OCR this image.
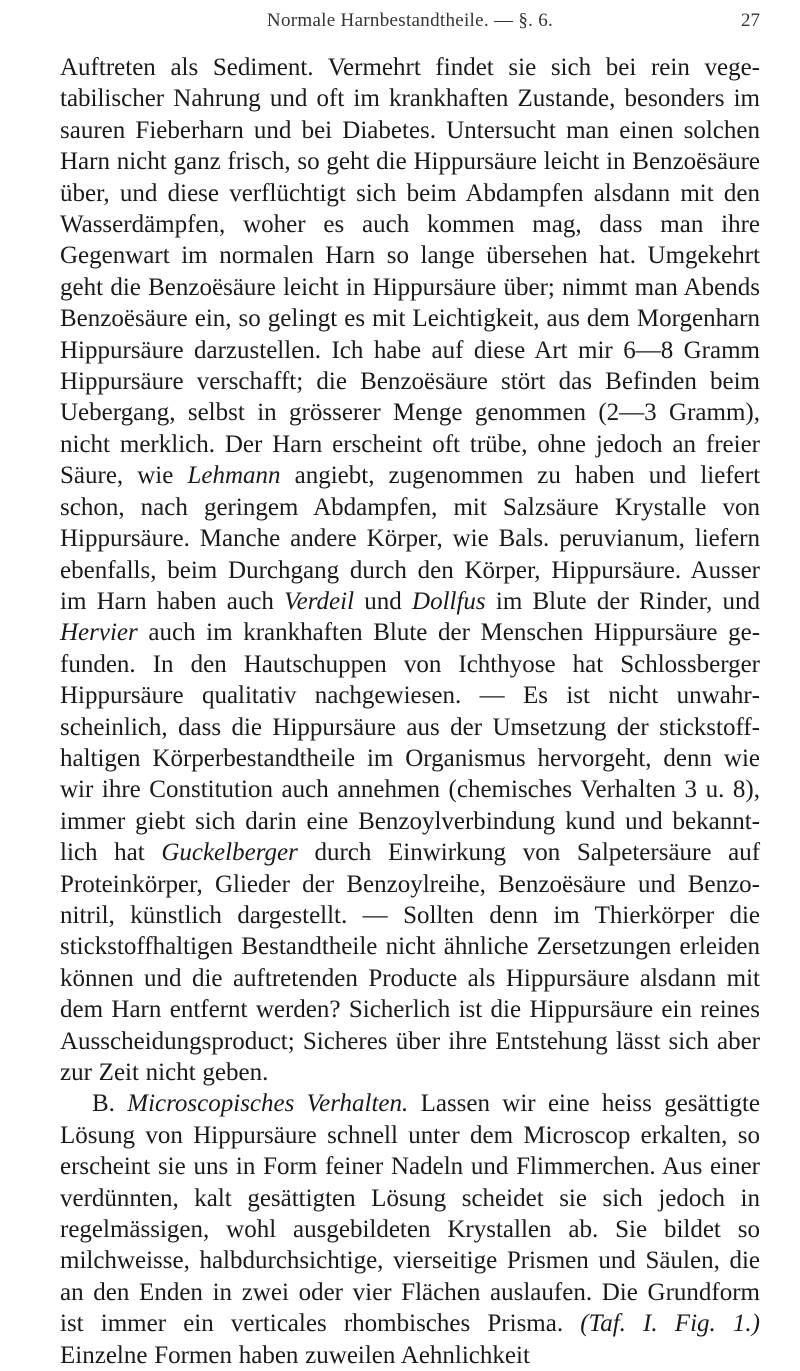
Normale Harnbestandtheile. — §. 6.	27

Auftreten als Sediment. Vermehrt findet sie sich bei rein vegetabilischer Nahrung und oft im krankhaften Zustande, besonders im sauren Fieberharn und bei Diabetes. Untersucht man einen solchen Harn nicht ganz frisch, so geht die Hippursäure leicht in Benzoësäure über, und diese verflüchtigt sich beim Abdampfen alsdann mit den Wasserdämpfen, woher es auch kommen mag, dass man ihre Gegenwart im normalen Harn so lange übersehen hat. Umgekehrt geht die Benzoësäure leicht in Hippursäure über; nimmt man Abends Benzoësäure ein, so gelingt es mit Leichtigkeit, aus dem Morgenharn Hippursäure darzustellen. Ich habe auf diese Art mir 6—8 Gramm Hippursäure verschafft; die Benzoësäure stört das Befinden beim Uebergang, selbst in grösserer Menge genommen (2—3 Gramm), nicht merklich. Der Harn erscheint oft trübe, ohne jedoch an freier Säure, wie Lehmann angiebt, zugenommen zu haben und liefert schon, nach geringem Abdampfen, mit Salzsäure Krystalle von Hippursäure. Manche andere Körper, wie Bals. peruvianum, liefern ebenfalls, beim Durchgang durch den Körper, Hippursäure. Ausser im Harn haben auch Verdeil und Dollfus im Blute der Rinder, und Hervier auch im krankhaften Blute der Menschen Hippursäure gefunden. In den Hautschuppen von Ichthyose hat Schlossberger Hippursäure qualitativ nachgewiesen. — Es ist nicht unwahrscheinlich, dass die Hippursäure aus der Umsetzung der stickstoffhaltigen Körperbestandtheile im Organismus hervorgeht, denn wie wir ihre Constitution auch annehmen (chemisches Verhalten 3 u. 8), immer giebt sich darin eine Benzoylverbindung kund und bekanntlich hat Guckelberger durch Einwirkung von Salpetersäure auf Proteinkörper, Glieder der Benzoylreihe, Benzoësäure und Benzonitril, künstlich dargestellt. — Sollten denn im Thierkörper die stickstoffhaltigen Bestandtheile nicht ähnliche Zersetzungen erleiden können und die auftretenden Producte als Hippursäure alsdann mit dem Harn entfernt werden? Sicherlich ist die Hippursäure ein reines Ausscheidungsproduct; Sicheres über ihre Entstehung lässt sich aber zur Zeit nicht geben.

B. Microscopisches Verhalten. Lassen wir eine heiss gesättigte Lösung von Hippursäure schnell unter dem Microscop erkalten, so erscheint sie uns in Form feiner Nadeln und Flimmerchen. Aus einer verdünnten, kalt gesättigten Lösung scheidet sie sich jedoch in regelmässigen, wohl ausgebildeten Krystallen ab. Sie bildet so milchweisse, halbdurchsichtige, vierseitige Prismen und Säulen, die an den Enden in zwei oder vier Flächen auslaufen. Die Grundform ist immer ein verticales rhombisches Prisma. (Taf. I. Fig. 1.) Einzelne Formen haben zuweilen Aehnlichkeit
